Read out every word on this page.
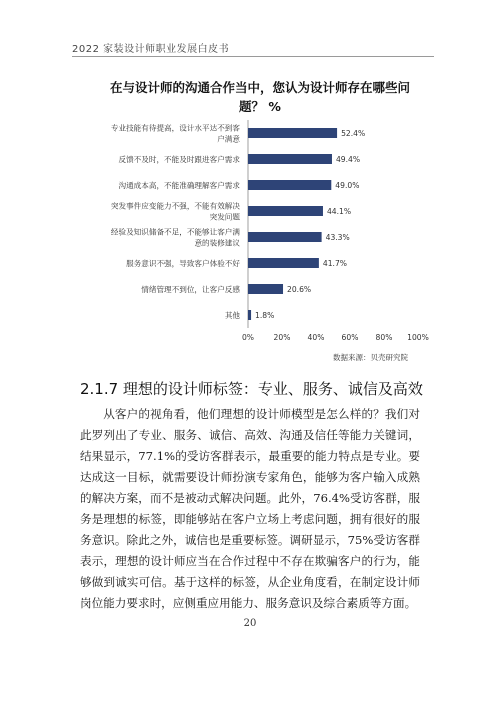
2022 家装设计师职业发展白皮书
在与设计师的沟通合作当中，您认为设计师存在哪些问题？ %
专业技能有待提高，设计水平达不到客户满意
52.4%
反馈不及时，不能及时跟进客户需求	49.4%
沟通成本高，不能准确理解客户需求	49.0%
突发事件应变能力不强，不能有效解决突发问题
44.1%
经验及知识储备不足，不能够让客户满意的装修建议
43.3%
服务意识不强，导致客户体验不好	41.7%
情绪管理不到位，让客户反感	20.6%
其他 1.8%
0%	20% 40% 60% 80% 100%
数据来源：贝壳研究院
2.1.7 理想的设计师标签：专业、服务、诚信及高效

从客户的视角看，他们理想的设计师模型是怎么样的？我们对此罗列出了专业、服务、诚信、高效、沟通及信任等能力关键词，结果显示，77.1%的受访客群表示，最重要的能力特点是专业。要达成这一目标，就需要设计师扮演专家角色，能够为客户输入成熟的解决方案，而不是被动式解决问题。此外，76.4%受访客群，服务是理想的标签，即能够站在客户立场上考虑问题，拥有很好的服务意识。除此之外，诚信也是重要标签。调研显示，75%受访客群表示，理想的设计师应当在合作过程中不存在欺骗客户的行为，能够做到诚实可信。基于这样的标签，从企业角度看，在制定设计师岗位能力要求时，应侧重应用能力、服务意识及综合素质等方面。

20
